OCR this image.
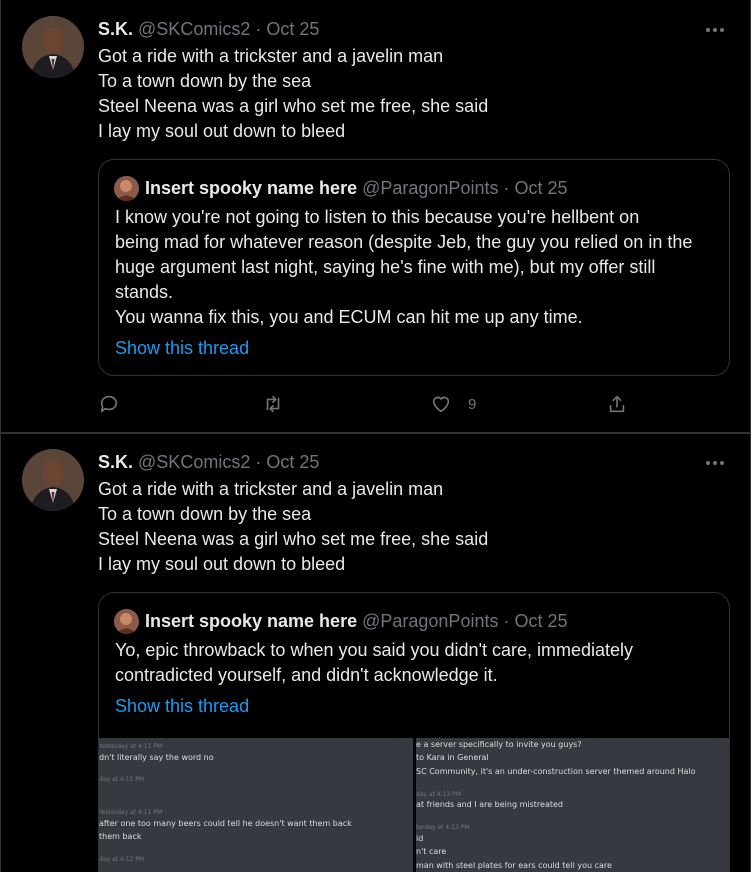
S.K. @SKComics2 · Oct 25
Got a ride with a trickster and a javelin man
To a town down by the sea
Steel Neena was a girl who set me free, she said
I lay my soul out down to bleed
Insert spooky name here @ParagonPoints · Oct 25
I know you're not going to listen to this because you're hellbent on
being mad for whatever reason (despite Jeb, the guy you relied on in the
huge argument last night, saying he's fine with me), but my offer still
stands.
You wanna fix this, you and ECUM can hit me up any time.
Show this thread
9
S.K. @SKComics2 · Oct 25
Got a ride with a trickster and a javelin man
To a town down by the sea
Steel Neena was a girl who set me free, she said
I lay my soul out down to bleed
Insert spooky name here @ParagonPoints · Oct 25
Yo, epic throwback to when you said you didn't care, immediately
contradicted yourself, and didn't acknowledge it.
Show this thread
Yesterday at 4:11 PM
dn't literally say the word no
day at 4:11 PM
Yesterday at 4:11 PM
after one too many beers could tell he doesn't want them back
them back
day at 4:12 PM
e a server specifically to invite you guys?
to Kara in General
SC Community, it's an under-construction server themed around Halo
day at 4:13 PM
at friends and I are being mistreated
terday at 4:13 PM
id
n't care
man with steel plates for ears could tell you care
